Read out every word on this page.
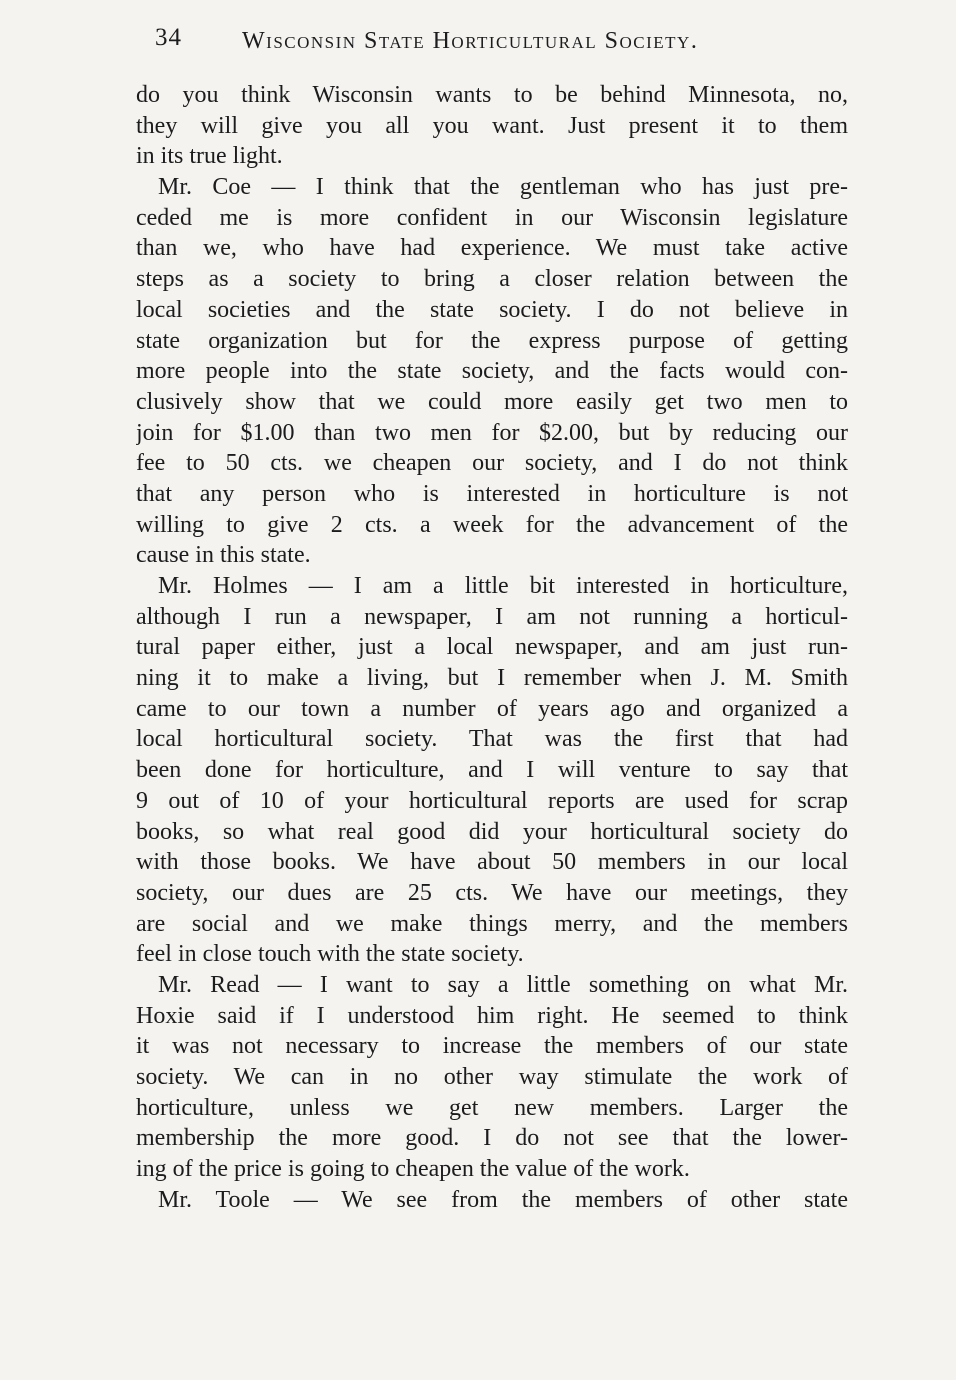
34	Wisconsin State Horticultural Society.
do you think Wisconsin wants to be behind Minnesota, no,
they will give you all you want. Just present it to them
in its true light.
Mr. Coe — I think that the gentleman who has just pre-
ceded me is more confident in our Wisconsin legislature
than we, who have had experience. We must take active
steps as a society to bring a closer relation between the
local societies and the state society. I do not believe in
state organization but for the express purpose of getting
more people into the state society, and the facts would con-
clusively show that we could more easily get two men to
join for $1.00 than two men for $2.00, but by reducing our
fee to 50 cts. we cheapen our society, and I do not think
that any person who is interested in horticulture is not
willing to give 2 cts. a week for the advancement of the
cause in this state.
Mr. Holmes — I am a little bit interested in horticulture,
although I run a newspaper, I am not running a horticul-
tural paper either, just a local newspaper, and am just run-
ning it to make a living, but I remember when J. M. Smith
came to our town a number of years ago and organized a
local horticultural society. That was the first that had
been done for horticulture, and I will venture to say that
9 out of 10 of your horticultural reports are used for scrap
books, so what real good did your horticultural society do
with those books. We have about 50 members in our local
society, our dues are 25 cts. We have our meetings, they
are social and we make things merry, and the members
feel in close touch with the state society.
Mr. Read — I want to say a little something on what Mr.
Hoxie said if I understood him right. He seemed to think
it was not necessary to increase the members of our state
society. We can in no other way stimulate the work of
horticulture, unless we get new members. Larger the
membership the more good. I do not see that the lower-
ing of the price is going to cheapen the value of the work.
Mr. Toole — We see from the members of other state
